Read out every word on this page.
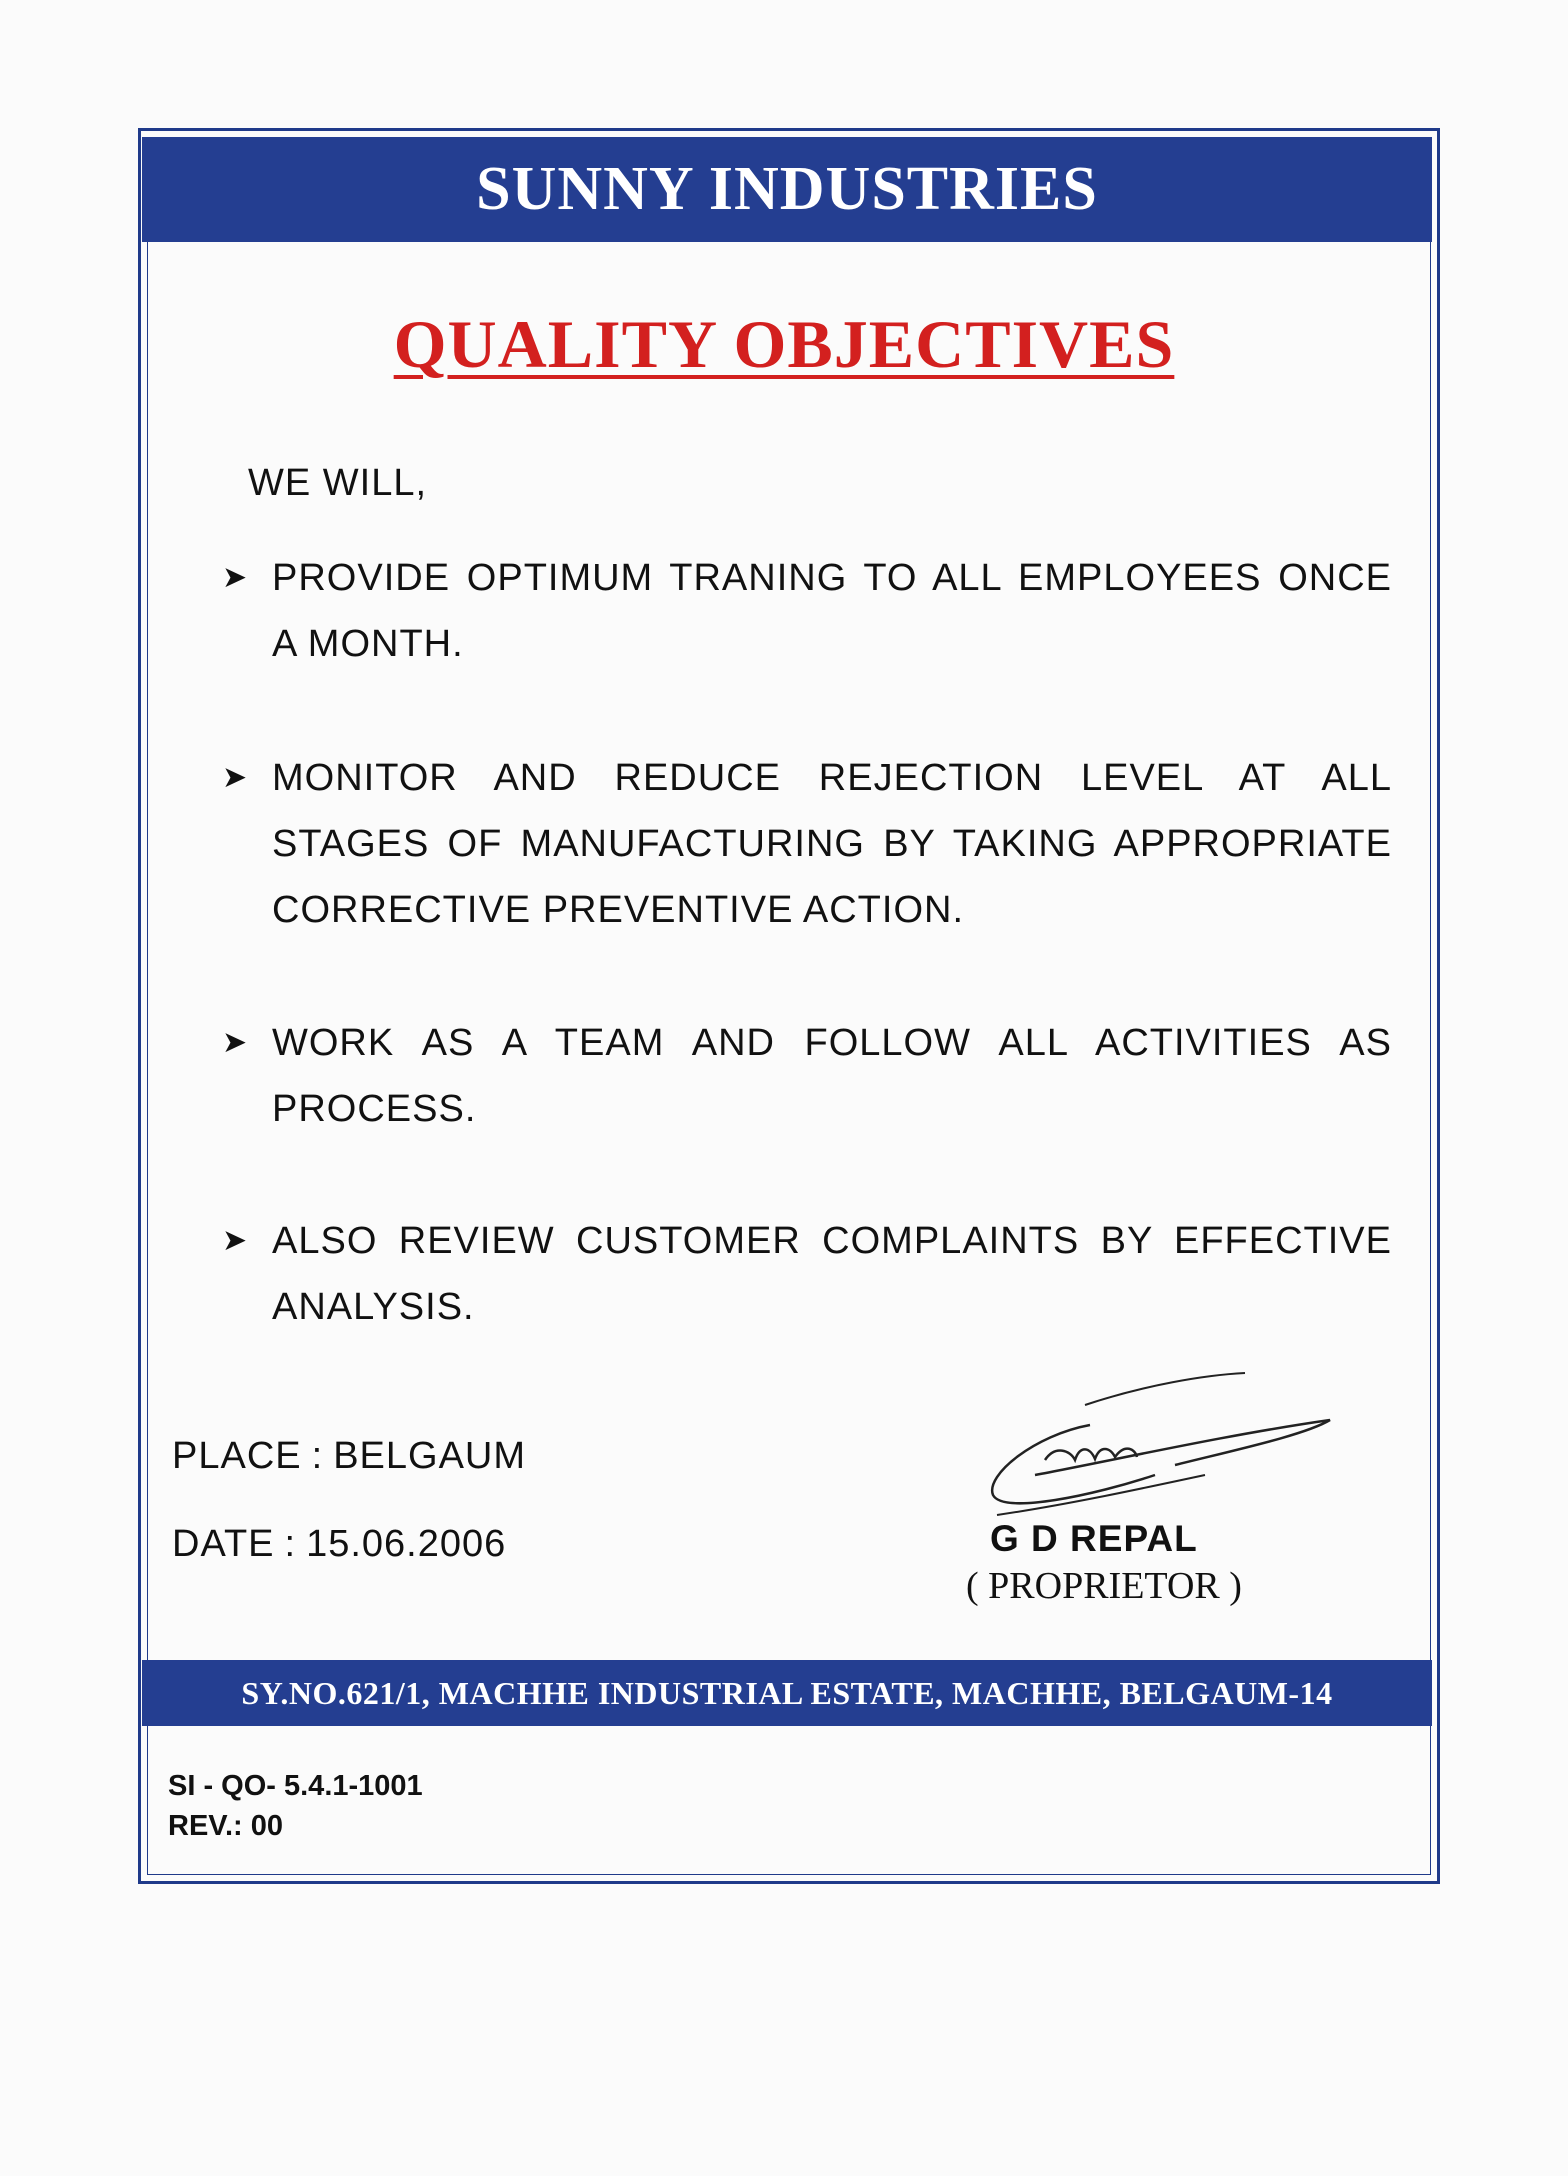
SUNNY INDUSTRIES
QUALITY OBJECTIVES
WE WILL,
➤ PROVIDE OPTIMUM TRANING TO ALL EMPLOYEES ONCE A MONTH.
➤ MONITOR AND REDUCE REJECTION LEVEL AT ALL STAGES OF MANUFACTURING BY TAKING APPROPRIATE CORRECTIVE PREVENTIVE ACTION.
➤ WORK AS A TEAM AND FOLLOW ALL ACTIVITIES AS PROCESS.
➤ ALSO REVIEW CUSTOMER COMPLAINTS BY EFFECTIVE ANALYSIS.
PLACE : BELGAUM
DATE : 15.06.2006	G D REPAL
( PROPRIETOR )
SY.NO.621/1, MACHHE INDUSTRIAL ESTATE, MACHHE, BELGAUM-14
SI - QO- 5.4.1-1001
REV.: 00
